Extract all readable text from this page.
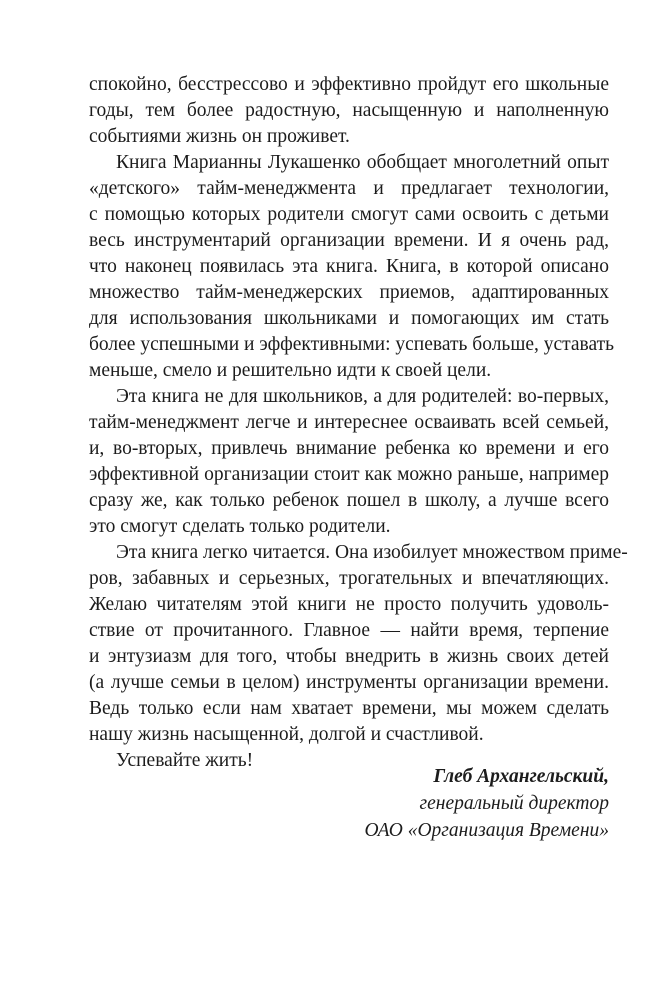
спокойно, бесстрессово и эффективно пройдут его школьные
годы, тем более радостную, насыщенную и наполненную
событиями жизнь он проживет.
Книга Марианны Лукашенко обобщает многолетний опыт
«детского» тайм-менеджмента и предлагает технологии,
с помощью которых родители смогут сами освоить с детьми
весь инструментарий организации времени. И я очень рад,
что наконец появилась эта книга. Книга, в которой описано
множество тайм-менеджерских приемов, адаптированных
для использования школьниками и помогающих им стать
более успешными и эффективными: успевать больше, уставать
меньше, смело и решительно идти к своей цели.
Эта книга не для школьников, а для родителей: во-первых,
тайм-менеджмент легче и интереснее осваивать всей семьей,
и, во-вторых, привлечь внимание ребенка ко времени и его
эффективной организации стоит как можно раньше, например
сразу же, как только ребенок пошел в школу, а лучше всего
это смогут сделать только родители.
Эта книга легко читается. Она изобилует множеством приме-
ров, забавных и серьезных, трогательных и впечатляющих.
Желаю читателям этой книги не просто получить удоволь-
ствие от прочитанного. Главное — найти время, терпение
и энтузиазм для того, чтобы внедрить в жизнь своих детей
(а лучше семьи в целом) инструменты организации времени.
Ведь только если нам хватает времени, мы можем сделать
нашу жизнь насыщенной, долгой и счастливой.
Успевайте жить!
Глеб Архангельский,
генеральный директор
ОАО «Организация Времени»
